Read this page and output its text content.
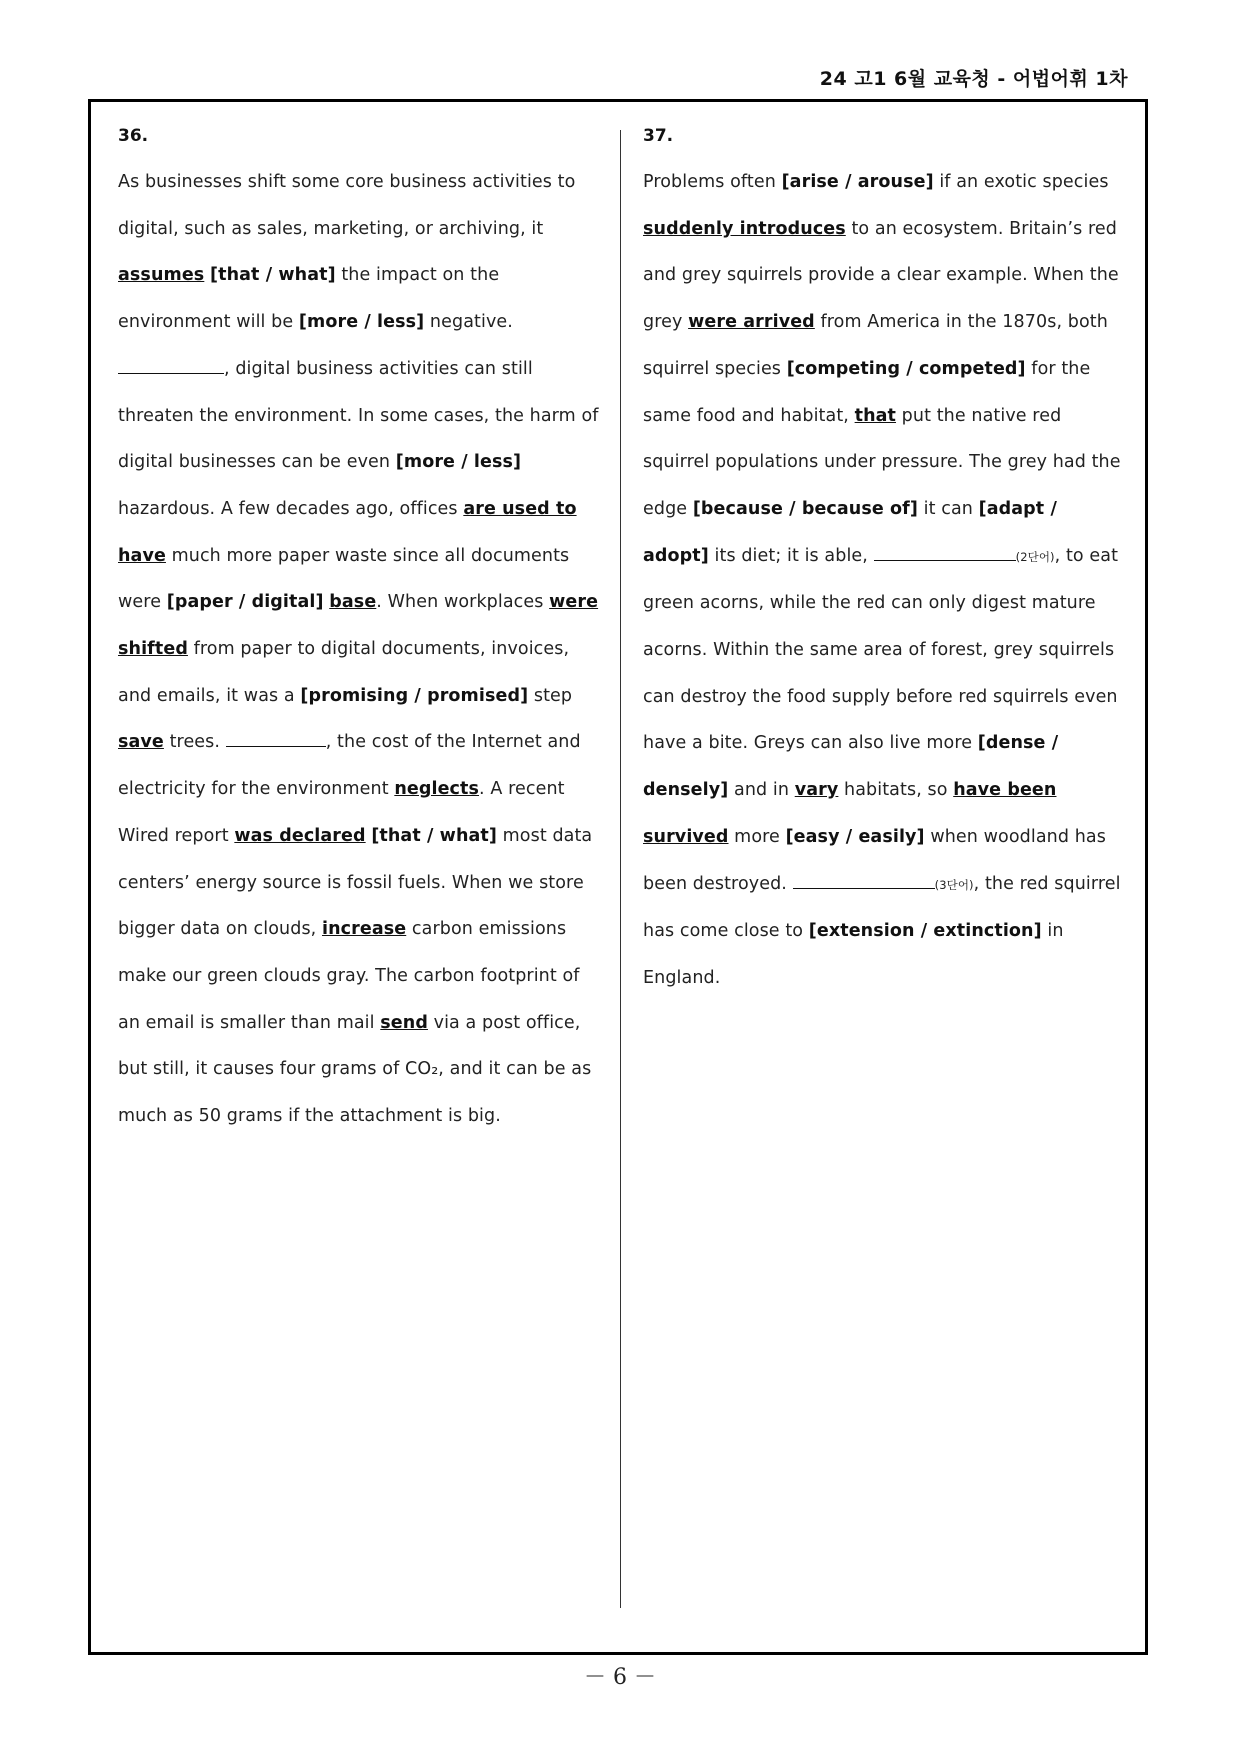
24 고1 6월 교육청 - 어법어휘 1차
36.

As businesses shift some core business activities to digital, such as sales, marketing, or archiving, it assumes [that / what] the impact on the environment will be [more / less] negative. , digital business activities can still threaten the environment. In some cases, the harm of digital businesses can be even [more / less] hazardous. A few decades ago, offices are used to have much more paper waste since all documents were [paper / digital] base. When workplaces were shifted from paper to digital documents, invoices, and emails, it was a [promising / promised] step save trees.	, the cost of the Internet and electricity for the environment neglects. A recent Wired report was declared [that / what] most data centers’ energy source is fossil fuels. When we store bigger data on clouds, increase carbon emissions make our green clouds gray. The carbon footprint of an email is smaller than mail send via a post office, but still, it causes four grams of CO₂, and it can be as much as 50 grams if the attachment is big.

37.

Problems often [arise / arouse] if an exotic species suddenly introduces to an ecosystem. Britain’s red and grey squirrels provide a clear example. When the grey were arrived from America in the 1870s, both squirrel species [competing / competed] for the same food and habitat, that put the native red squirrel populations under pressure. The grey had the edge [because / because of] it can [adapt / adopt] its diet; it is able,	(2단어), to eat green acorns, while the red can only digest mature acorns. Within the same area of forest, grey squirrels can destroy the food supply before red squirrels even have a bite. Greys can also live more [dense / densely] and in vary habitats, so have been survived more [easy / easily] when woodland has been destroyed.	(3단어), the red squirrel has come close to [extension / extinction] in England.

－ 6 －
